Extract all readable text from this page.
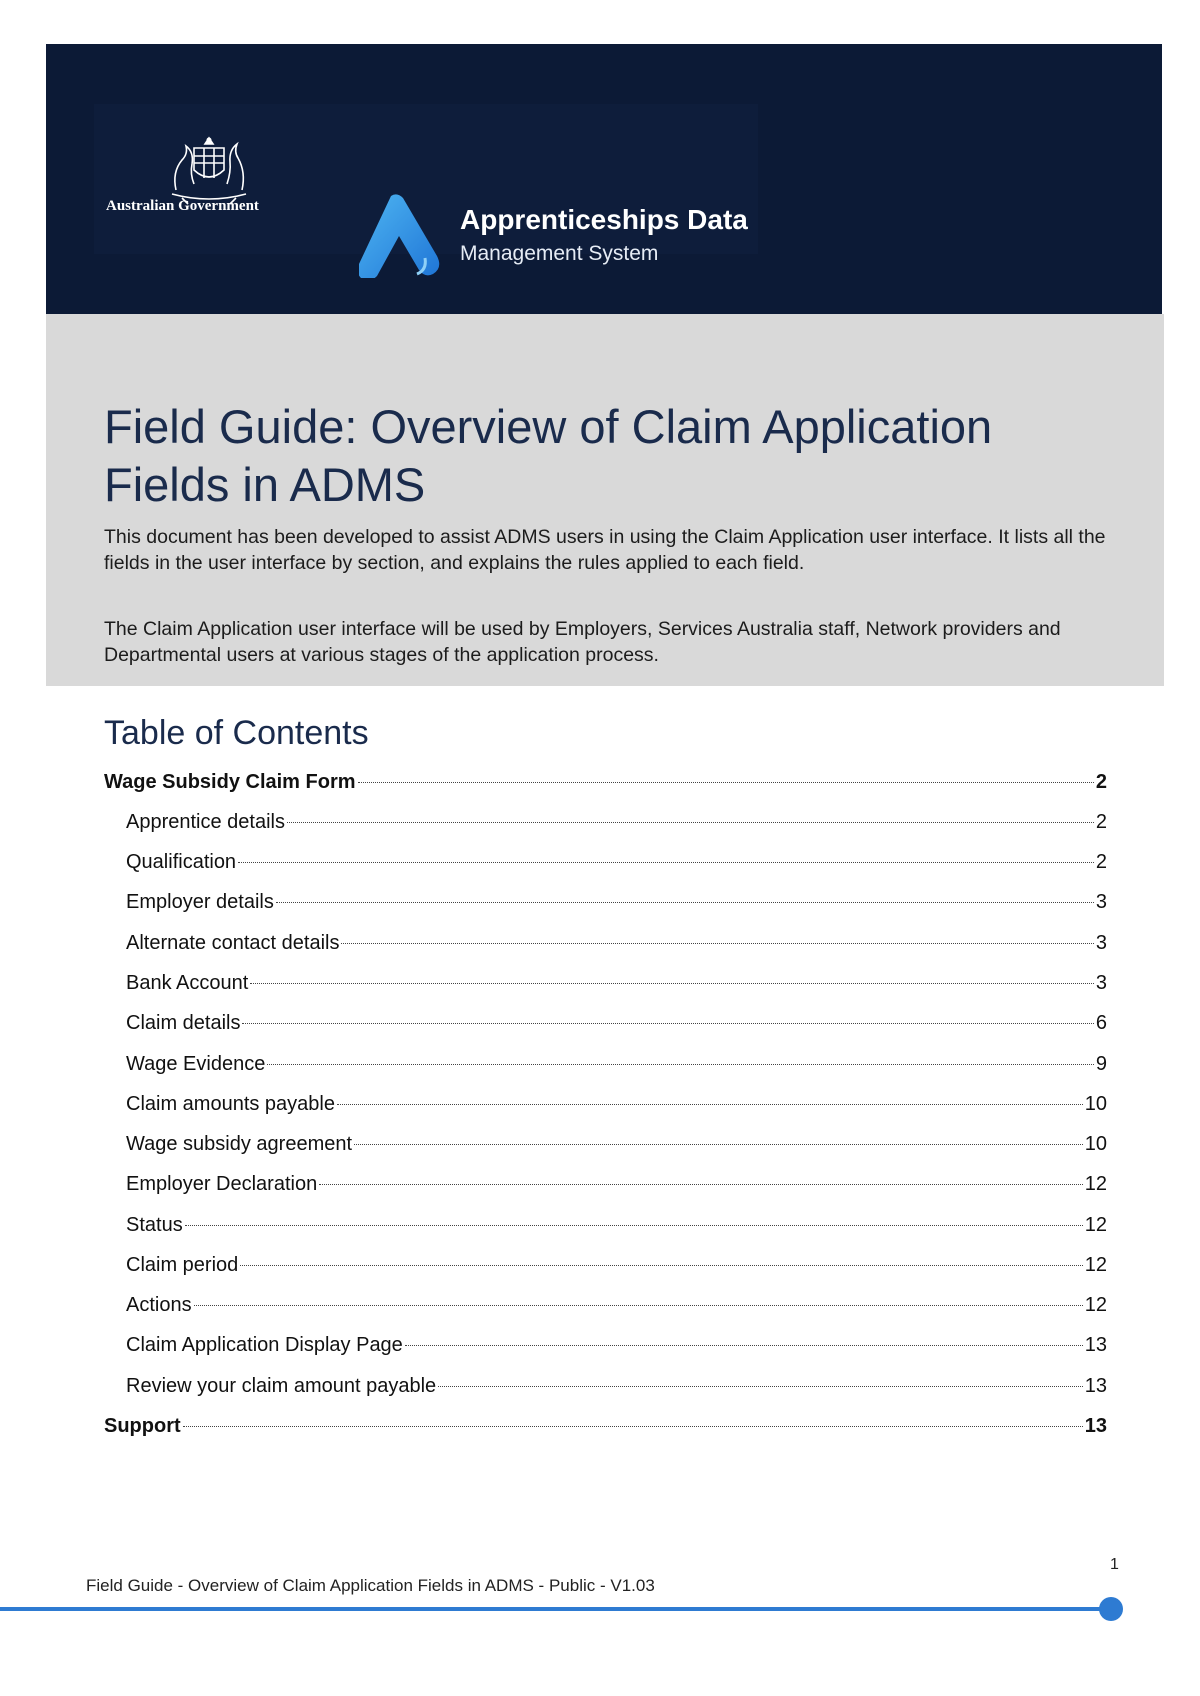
Apprenticeships Data
Management System
Australian Government
Field Guide: Overview of Claim Application Fields in ADMS

This document has been developed to assist ADMS users in using the Claim Application user interface. It lists all the fields in the user interface by section, and explains the rules applied to each field.

The Claim Application user interface will be used by Employers, Services Australia staff, Network providers and Departmental users at various stages of the application process.

Table of Contents
Wage Subsidy Claim Form	2
Apprentice details	2
Qualification	2
Employer details	3
Alternate contact details	3
Bank Account	3
Claim details	6
Wage Evidence	9
Claim amounts payable	10
Wage subsidy agreement	10
Employer Declaration	12
Status	12
Claim period	12
Actions	12
Claim Application Display Page	13
Review your claim amount payable	13
Support	13
1
Field Guide - Overview of Claim Application Fields in ADMS - Public - V1.03
